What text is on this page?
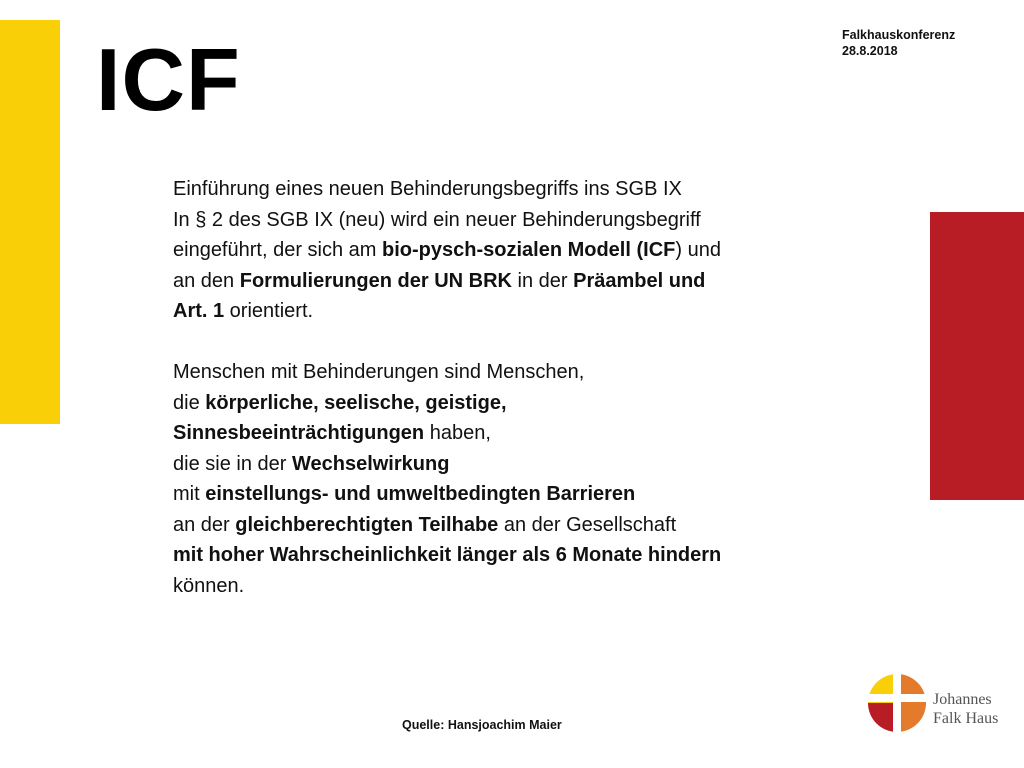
ICF	Falkhauskonferenz
28.8.2018

Einführung eines neuen Behinderungsbegriffs ins SGB IX
In § 2 des SGB IX (neu) wird ein neuer Behinderungsbegriff
eingeführt, der sich am bio-pysch-sozialen Modell (ICF) und
an den Formulierungen der UN BRK in der Präambel und
Art. 1 orientiert.

Menschen mit Behinderungen sind Menschen,
die körperliche, seelische, geistige,
Sinnesbeeinträchtigungen haben,
die sie in der Wechselwirkung
mit einstellungs- und umweltbedingten Barrieren
an der gleichberechtigten Teilhabe an der Gesellschaft
mit hoher Wahrscheinlichkeit länger als 6 Monate hindern
können.

Quelle: Hansjoachim Maier
Johannes
Falk Haus
